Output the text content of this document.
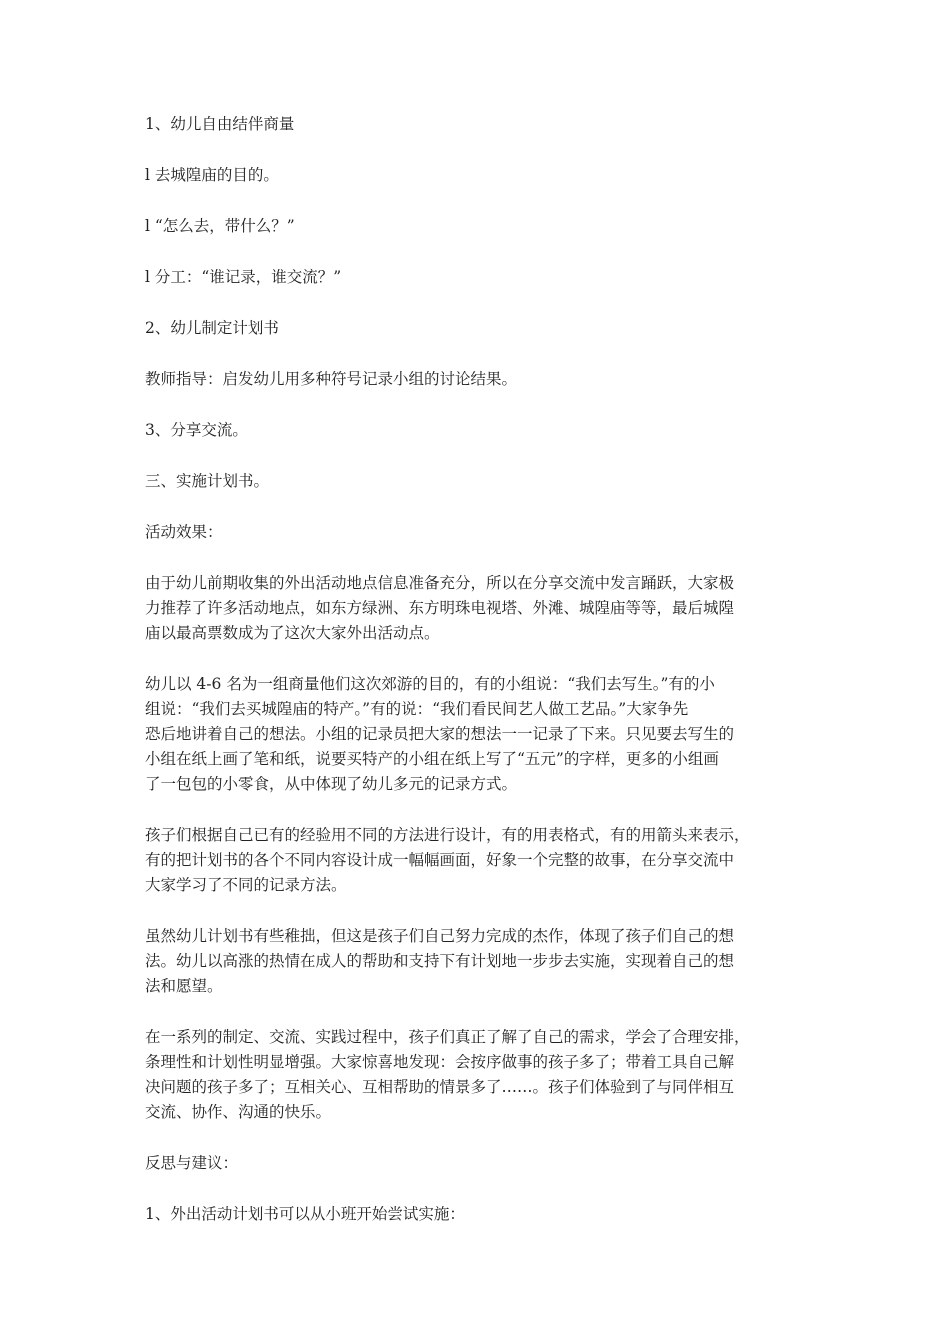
1、幼儿自由结伴商量

l 去城隍庙的目的。

l “怎么去，带什么？”

l 分工：“谁记录，谁交流？”

2、幼儿制定计划书

教师指导：启发幼儿用多种符号记录小组的讨论结果。

3、分享交流。

三、实施计划书。

活动效果：

由于幼儿前期收集的外出活动地点信息准备充分，所以在分享交流中发言踊跃，大家极
力推荐了许多活动地点，如东方绿洲、东方明珠电视塔、外滩、城隍庙等等，最后城隍
庙以最高票数成为了这次大家外出活动点。
幼儿以 4-6 名为一组商量他们这次郊游的目的，有的小组说：“我们去写生。”有的小
组说：“我们去买城隍庙的特产。”有的说：“我们看民间艺人做工艺品。”大家争先
恐后地讲着自己的想法。小组的记录员把大家的想法一一记录了下来。只见要去写生的
小组在纸上画了笔和纸，说要买特产的小组在纸上写了“五元”的字样，更多的小组画
了一包包的小零食，从中体现了幼儿多元的记录方式。
孩子们根据自己已有的经验用不同的方法进行设计，有的用表格式，有的用箭头来表示，
有的把计划书的各个不同内容设计成一幅幅画面，好象一个完整的故事，在分享交流中
大家学习了不同的记录方法。
虽然幼儿计划书有些稚拙，但这是孩子们自己努力完成的杰作，体现了孩子们自己的想
法。幼儿以高涨的热情在成人的帮助和支持下有计划地一步步去实施，实现着自己的想
法和愿望。
在一系列的制定、交流、实践过程中，孩子们真正了解了自己的需求，学会了合理安排，
条理性和计划性明显增强。大家惊喜地发现：会按序做事的孩子多了；带着工具自己解
决问题的孩子多了；互相关心、互相帮助的情景多了……。孩子们体验到了与同伴相互
交流、协作、沟通的快乐。

反思与建议：

1、外出活动计划书可以从小班开始尝试实施：
